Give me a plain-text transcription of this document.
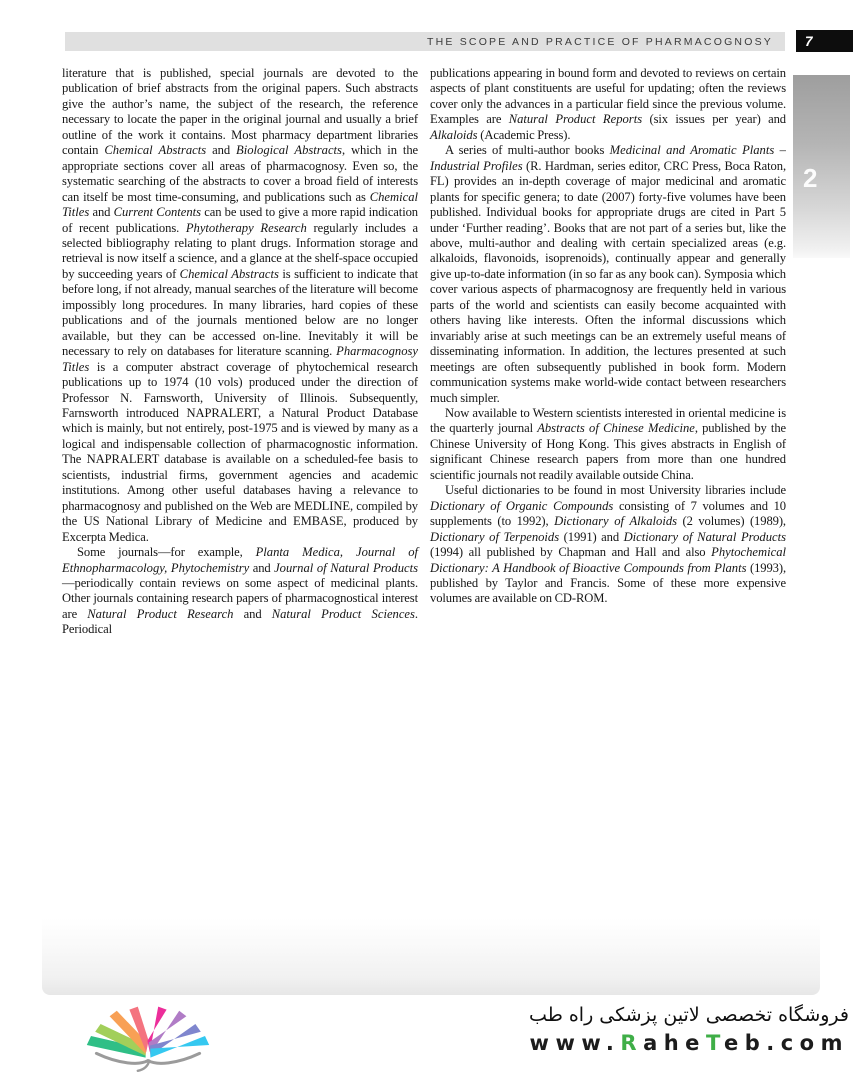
THE SCOPE AND PRACTICE OF PHARMACOGNOSY 7
2

literature that is published, special journals are devoted to the publication of brief abstracts from the original papers. Such abstracts give the author’s name, the subject of the research, the reference necessary to locate the paper in the original journal and usually a brief outline of the work it contains. Most pharmacy department libraries contain Chemical Abstracts and Biological Abstracts, which in the appropriate sections cover all areas of pharmacognosy. Even so, the systematic searching of the abstracts to cover a broad field of interests can itself be most time-consuming, and publications such as Chemical Titles and Current Contents can be used to give a more rapid indication of recent publications. Phytotherapy Research regularly includes a selected bibliography relating to plant drugs. Information storage and retrieval is now itself a science, and a glance at the shelf-space occupied by succeeding years of Chemical Abstracts is sufficient to indicate that before long, if not already, manual searches of the literature will become impossibly long procedures. In many libraries, hard copies of these publications and of the journals mentioned below are no longer available, but they can be accessed on-line. Inevitably it will be necessary to rely on databases for literature scanning. Pharmacognosy Titles is a computer abstract coverage of phytochemical research publications up to 1974 (10 vols) produced under the direction of Professor N. Farnsworth, University of Illinois. Subsequently, Farnsworth introduced NAPRALERT, a Natural Product Database which is mainly, but not entirely, post-1975 and is viewed by many as a logical and indispensable collection of pharmacognostic information. The NAPRALERT database is available on a scheduled-fee basis to scientists, industrial firms, government agencies and academic institutions. Among other useful databases having a relevance to pharmacognosy and published on the Web are MEDLINE, compiled by the US National Library of Medicine and EMBASE, produced by Excerpta Medica.

Some journals—for example, Planta Medica, Journal of Ethnopharmacology, Phytochemistry and Journal of Natural Products—periodically contain reviews on some aspect of medicinal plants. Other journals containing research papers of pharmacognostical interest are Natural Product Research and Natural Product Sciences. Periodical

publications appearing in bound form and devoted to reviews on certain aspects of plant constituents are useful for updating; often the reviews cover only the advances in a particular field since the previous volume. Examples are Natural Product Reports (six issues per year) and Alkaloids (Academic Press).

A series of multi-author books Medicinal and Aromatic Plants – Industrial Profiles (R. Hardman, series editor, CRC Press, Boca Raton, FL) provides an in-depth coverage of major medicinal and aromatic plants for specific genera; to date (2007) forty-five volumes have been published. Individual books for appropriate drugs are cited in Part 5 under ‘Further reading’. Books that are not part of a series but, like the above, multi-author and dealing with certain specialized areas (e.g. alkaloids, flavonoids, isoprenoids), continually appear and generally give up-to-date information (in so far as any book can). Symposia which cover various aspects of pharmacognosy are frequently held in various parts of the world and scientists can easily become acquainted with others having like interests. Often the informal discussions which invariably arise at such meetings can be an extremely useful means of disseminating information. In addition, the lectures presented at such meetings are often subsequently published in book form. Modern communication systems make world-wide contact between researchers much simpler.

Now available to Western scientists interested in oriental medicine is the quarterly journal Abstracts of Chinese Medicine, published by the Chinese University of Hong Kong. This gives abstracts in English of significant Chinese research papers from more than one hundred scientific journals not readily available outside China.

Useful dictionaries to be found in most University libraries include Dictionary of Organic Compounds consisting of 7 volumes and 10 supplements (to 1992), Dictionary of Alkaloids (2 volumes) (1989), Dictionary of Terpenoids (1991) and Dictionary of Natural Products (1994) all published by Chapman and Hall and also Phytochemical Dictionary: A Handbook of Bioactive Compounds from Plants (1993), published by Taylor and Francis. Some of these more expensive volumes are available on CD-ROM.

فروشگاه تخصصی لاتین پزشکی راه طب
www.RaheTeb.com
